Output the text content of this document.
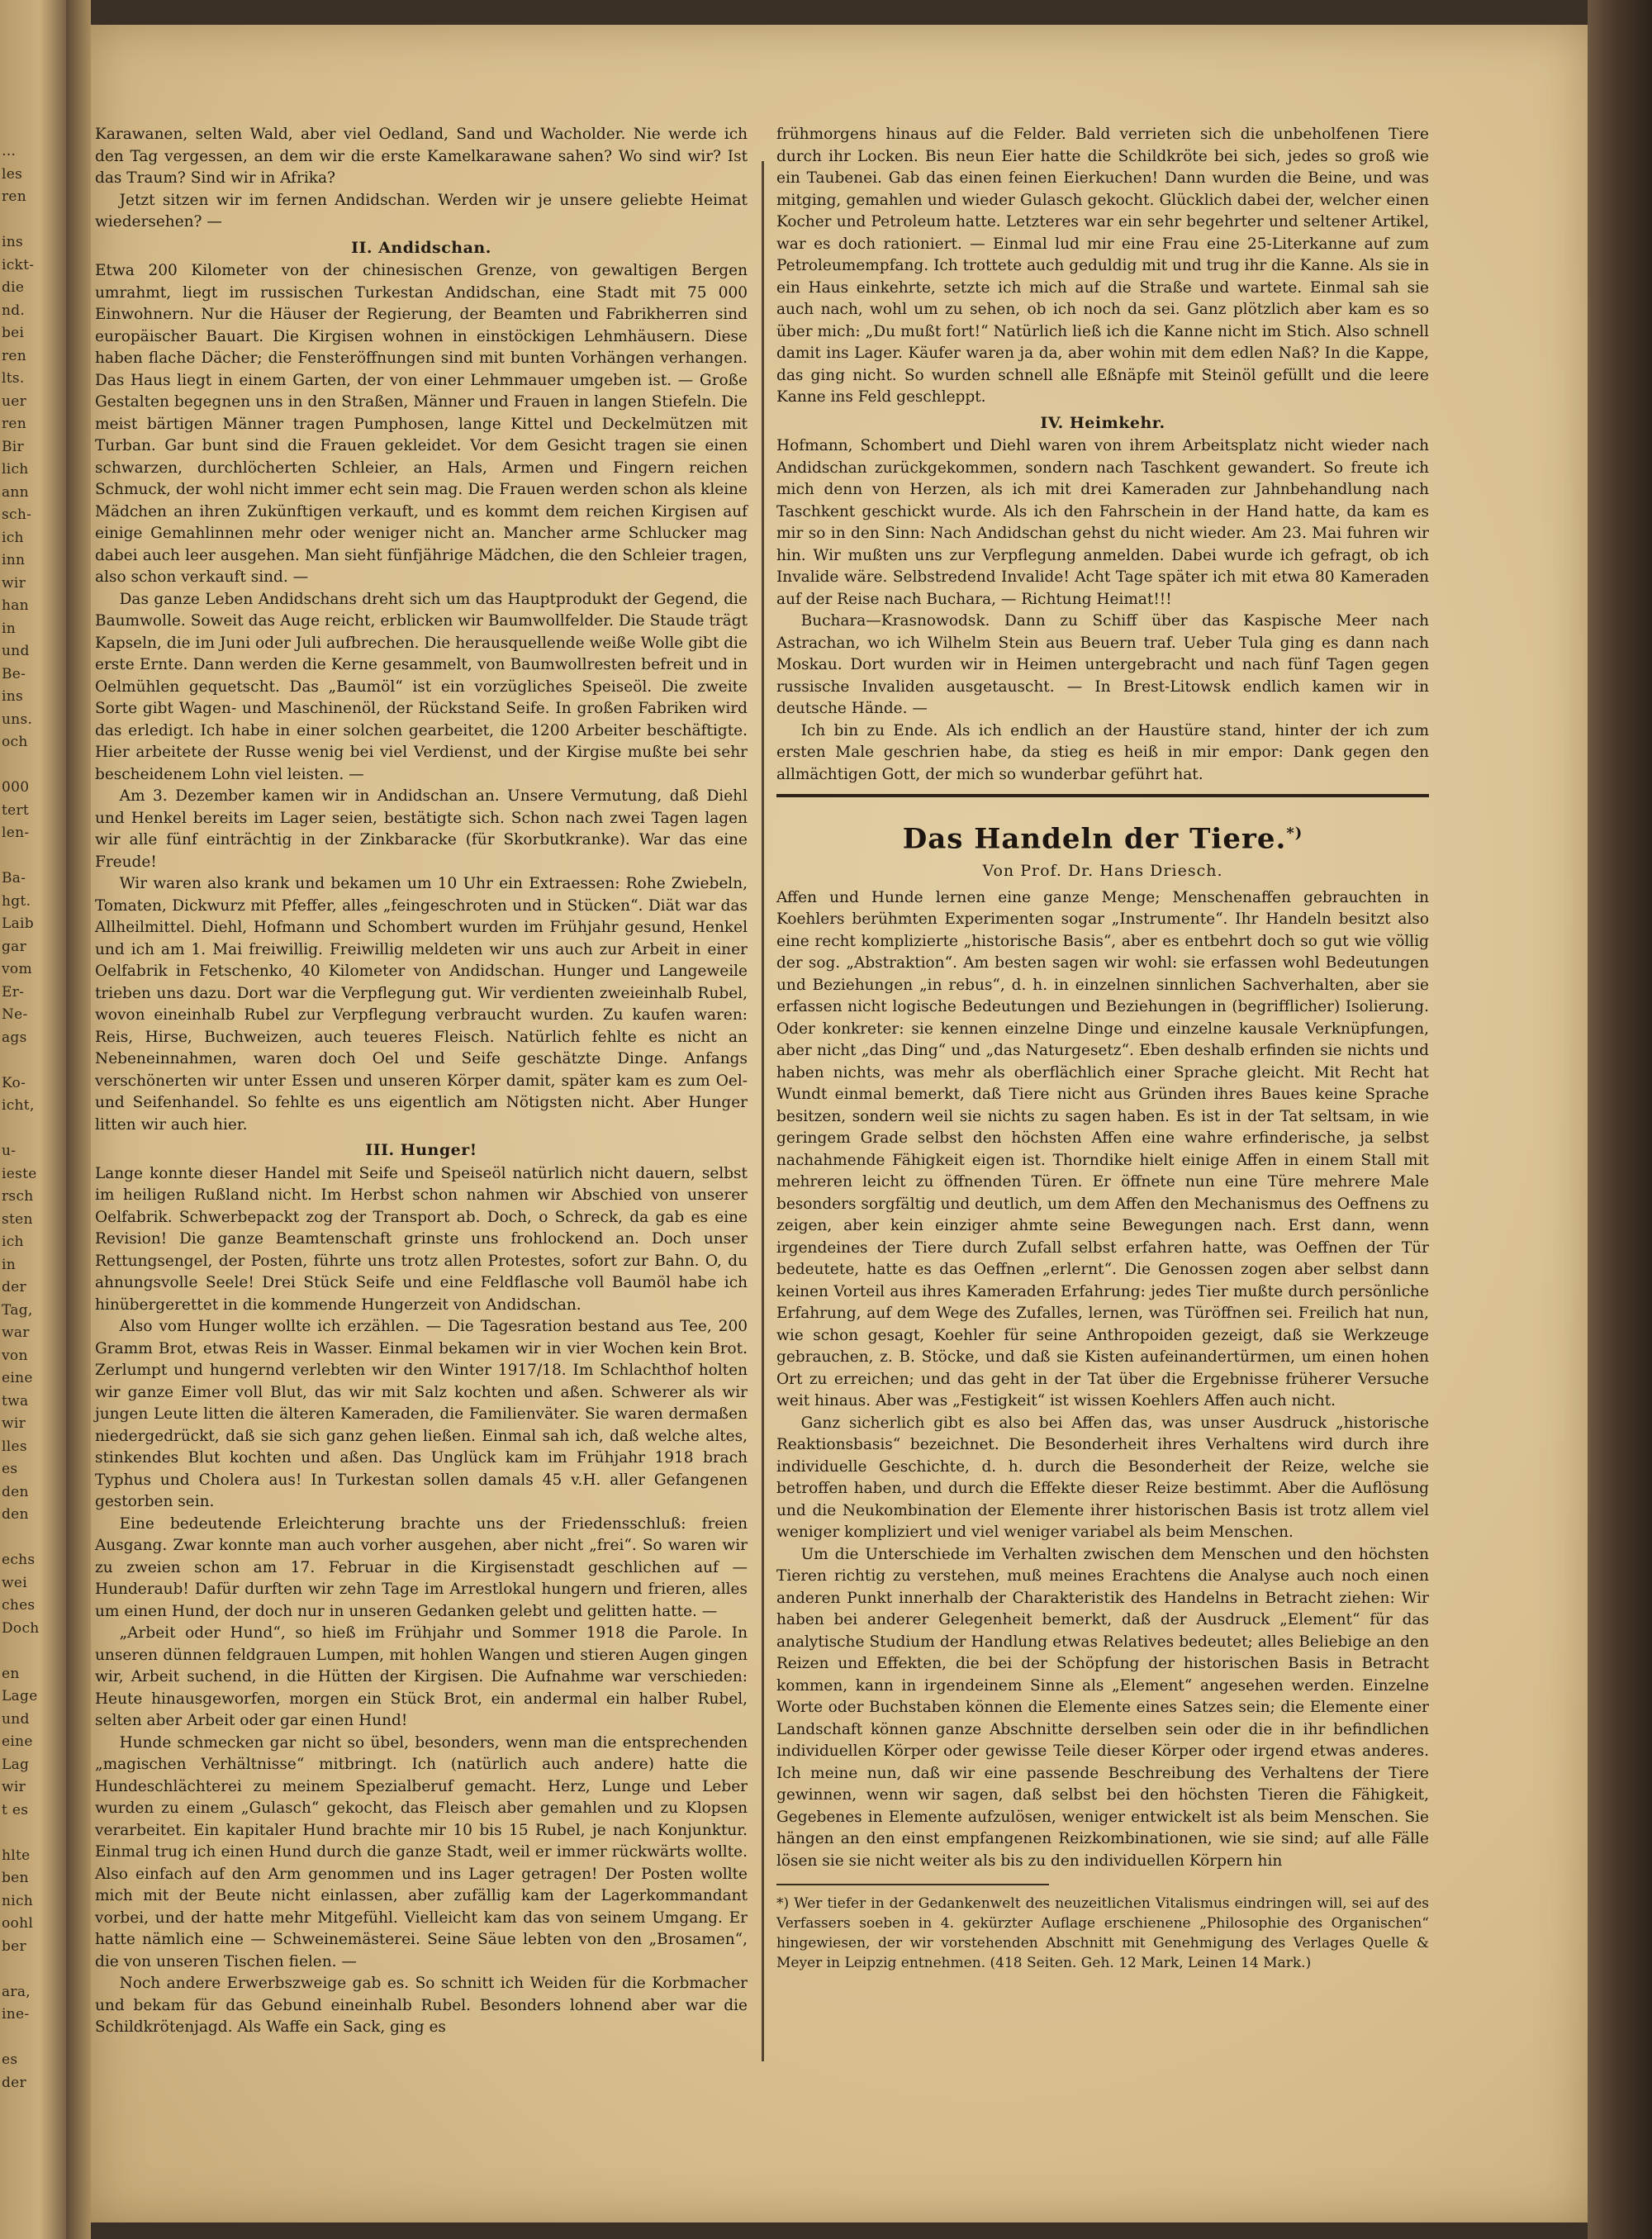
…
les
ren
ins
ickt-
die
nd.
bei
ren
lts.
uer
ren
Bir
lich
ann
sch-
ich
inn
wir
han
in
und
Be-
ins
uns.
och
000
tert
len-
Ba-
hgt.
Laib
gar
vom
Er-
Ne-
ags
Ko-
icht,
u-
ieste
rsch
sten
ich
in
der
Tag,
war
von
eine
twa
wir
lles
es
den
den
echs
wei
ches
Doch
en
Lage
und
eine
Lag
wir
t es
hlte
ben
nich
oohl
ber
ara,
ine-
es
der

Karawanen, selten Wald, aber viel Oedland, Sand und Wacholder. Nie werde ich den Tag vergessen, an dem wir die erste Kamelkarawane sahen? Wo sind wir? Ist das Traum? Sind wir in Afrika?

Jetzt sitzen wir im fernen Andidschan. Werden wir je unsere geliebte Heimat wiedersehen? —

II. Andidschan.

Etwa 200 Kilometer von der chinesischen Grenze, von gewaltigen Bergen umrahmt, liegt im russischen Turkestan Andidschan, eine Stadt mit 75 000 Einwohnern. Nur die Häuser der Regierung, der Beamten und Fabrikherren sind europäischer Bauart. Die Kirgisen wohnen in einstöckigen Lehmhäusern. Diese haben flache Dächer; die Fensteröffnungen sind mit bunten Vorhängen verhangen. Das Haus liegt in einem Garten, der von einer Lehmmauer umgeben ist. — Große Gestalten begegnen uns in den Straßen, Männer und Frauen in langen Stiefeln. Die meist bärtigen Männer tragen Pumphosen, lange Kittel und Deckelmützen mit Turban. Gar bunt sind die Frauen gekleidet. Vor dem Gesicht tragen sie einen schwarzen, durchlöcherten Schleier, an Hals, Armen und Fingern reichen Schmuck, der wohl nicht immer echt sein mag. Die Frauen werden schon als kleine Mädchen an ihren Zukünftigen verkauft, und es kommt dem reichen Kirgisen auf einige Gemahlinnen mehr oder weniger nicht an. Mancher arme Schlucker mag dabei auch leer ausgehen. Man sieht fünfjährige Mädchen, die den Schleier tragen, also schon verkauft sind. —

Das ganze Leben Andidschans dreht sich um das Hauptprodukt der Gegend, die Baumwolle. Soweit das Auge reicht, erblicken wir Baumwollfelder. Die Staude trägt Kapseln, die im Juni oder Juli aufbrechen. Die herausquellende weiße Wolle gibt die erste Ernte. Dann werden die Kerne gesammelt, von Baumwollresten befreit und in Oelmühlen gequetscht. Das „Baumöl“ ist ein vorzügliches Speiseöl. Die zweite Sorte gibt Wagen- und Maschinenöl, der Rückstand Seife. In großen Fabriken wird das erledigt. Ich habe in einer solchen gearbeitet, die 1200 Arbeiter beschäftigte. Hier arbeitete der Russe wenig bei viel Verdienst, und der Kirgise mußte bei sehr bescheidenem Lohn viel leisten. —

Am 3. Dezember kamen wir in Andidschan an. Unsere Vermutung, daß Diehl und Henkel bereits im Lager seien, bestätigte sich. Schon nach zwei Tagen lagen wir alle fünf einträchtig in der Zinkbaracke (für Skorbutkranke). War das eine Freude!

Wir waren also krank und bekamen um 10 Uhr ein Extraessen: Rohe Zwiebeln, Tomaten, Dickwurz mit Pfeffer, alles „feingeschroten und in Stücken“. Diät war das Allheilmittel. Diehl, Hofmann und Schombert wurden im Frühjahr gesund, Henkel und ich am 1. Mai freiwillig. Freiwillig meldeten wir uns auch zur Arbeit in einer Oelfabrik in Fetschenko, 40 Kilometer von Andidschan. Hunger und Langeweile trieben uns dazu. Dort war die Verpflegung gut. Wir verdienten zweieinhalb Rubel, wovon eineinhalb Rubel zur Verpflegung verbraucht wurden. Zu kaufen waren: Reis, Hirse, Buchweizen, auch teueres Fleisch. Natürlich fehlte es nicht an Nebeneinnahmen, waren doch Oel und Seife geschätzte Dinge. Anfangs verschönerten wir unter Essen und unseren Körper damit, später kam es zum Oel- und Seifenhandel. So fehlte es uns eigentlich am Nötigsten nicht. Aber Hunger litten wir auch hier.

III. Hunger!

Lange konnte dieser Handel mit Seife und Speiseöl natürlich nicht dauern, selbst im heiligen Rußland nicht. Im Herbst schon nahmen wir Abschied von unserer Oelfabrik. Schwerbepackt zog der Transport ab. Doch, o Schreck, da gab es eine Revision! Die ganze Beamtenschaft grinste uns frohlockend an. Doch unser Rettungsengel, der Posten, führte uns trotz allen Protestes, sofort zur Bahn. O, du ahnungsvolle Seele! Drei Stück Seife und eine Feldflasche voll Baumöl habe ich hinübergerettet in die kommende Hungerzeit von Andidschan.

Also vom Hunger wollte ich erzählen. — Die Tagesration bestand aus Tee, 200 Gramm Brot, etwas Reis in Wasser. Einmal bekamen wir in vier Wochen kein Brot. Zerlumpt und hungernd verlebten wir den Winter 1917/18. Im Schlachthof holten wir ganze Eimer voll Blut, das wir mit Salz kochten und aßen. Schwerer als wir jungen Leute litten die älteren Kameraden, die Familienväter. Sie waren dermaßen niedergedrückt, daß sie sich ganz gehen ließen. Einmal sah ich, daß welche altes, stinkendes Blut kochten und aßen. Das Unglück kam im Frühjahr 1918 brach Typhus und Cholera aus! In Turkestan sollen damals 45 v.H. aller Gefangenen gestorben sein.

Eine bedeutende Erleichterung brachte uns der Friedensschluß: freien Ausgang. Zwar konnte man auch vorher ausgehen, aber nicht „frei“. So waren wir zu zweien schon am 17. Februar in die Kirgisenstadt geschlichen auf — Hunderaub! Dafür durften wir zehn Tage im Arrestlokal hungern und frieren, alles um einen Hund, der doch nur in unseren Gedanken gelebt und gelitten hatte. —

„Arbeit oder Hund“, so hieß im Frühjahr und Sommer 1918 die Parole. In unseren dünnen feldgrauen Lumpen, mit hohlen Wangen und stieren Augen gingen wir, Arbeit suchend, in die Hütten der Kirgisen. Die Aufnahme war verschieden: Heute hinausgeworfen, morgen ein Stück Brot, ein andermal ein halber Rubel, selten aber Arbeit oder gar einen Hund!

Hunde schmecken gar nicht so übel, besonders, wenn man die entsprechenden „magischen Verhältnisse“ mitbringt. Ich (natürlich auch andere) hatte die Hundeschlächterei zu meinem Spezialberuf gemacht. Herz, Lunge und Leber wurden zu einem „Gulasch“ gekocht, das Fleisch aber gemahlen und zu Klopsen verarbeitet. Ein kapitaler Hund brachte mir 10 bis 15 Rubel, je nach Konjunktur. Einmal trug ich einen Hund durch die ganze Stadt, weil er immer rückwärts wollte. Also einfach auf den Arm genommen und ins Lager getragen! Der Posten wollte mich mit der Beute nicht einlassen, aber zufällig kam der Lagerkommandant vorbei, und der hatte mehr Mitgefühl. Vielleicht kam das von seinem Umgang. Er hatte nämlich eine — Schweinemästerei. Seine Säue lebten von den „Brosamen“, die von unseren Tischen fielen. —

Noch andere Erwerbszweige gab es. So schnitt ich Weiden für die Korbmacher und bekam für das Gebund eineinhalb Rubel. Besonders lohnend aber war die Schildkrötenjagd. Als Waffe ein Sack, ging es

frühmorgens hinaus auf die Felder. Bald verrieten sich die unbeholfenen Tiere durch ihr Locken. Bis neun Eier hatte die Schildkröte bei sich, jedes so groß wie ein Taubenei. Gab das einen feinen Eierkuchen! Dann wurden die Beine, und was mitging, gemahlen und wieder Gulasch gekocht. Glücklich dabei der, welcher einen Kocher und Petroleum hatte. Letzteres war ein sehr begehrter und seltener Artikel, war es doch rationiert. — Einmal lud mir eine Frau eine 25-Literkanne auf zum Petroleumempfang. Ich trottete auch geduldig mit und trug ihr die Kanne. Als sie in ein Haus einkehrte, setzte ich mich auf die Straße und wartete. Einmal sah sie auch nach, wohl um zu sehen, ob ich noch da sei. Ganz plötzlich aber kam es so über mich: „Du mußt fort!“ Natürlich ließ ich die Kanne nicht im Stich. Also schnell damit ins Lager. Käufer waren ja da, aber wohin mit dem edlen Naß? In die Kappe, das ging nicht. So wurden schnell alle Eßnäpfe mit Steinöl gefüllt und die leere Kanne ins Feld geschleppt.

IV. Heimkehr.

Hofmann, Schombert und Diehl waren von ihrem Arbeitsplatz nicht wieder nach Andidschan zurückgekommen, sondern nach Taschkent gewandert. So freute ich mich denn von Herzen, als ich mit drei Kameraden zur Jahnbehandlung nach Taschkent geschickt wurde. Als ich den Fahrschein in der Hand hatte, da kam es mir so in den Sinn: Nach Andidschan gehst du nicht wieder. Am 23. Mai fuhren wir hin. Wir mußten uns zur Verpflegung anmelden. Dabei wurde ich gefragt, ob ich Invalide wäre. Selbstredend Invalide! Acht Tage später ich mit etwa 80 Kameraden auf der Reise nach Buchara, — Richtung Heimat!!!

Buchara—Krasnowodsk. Dann zu Schiff über das Kaspische Meer nach Astrachan, wo ich Wilhelm Stein aus Beuern traf. Ueber Tula ging es dann nach Moskau. Dort wurden wir in Heimen untergebracht und nach fünf Tagen gegen russische Invaliden ausgetauscht. — In Brest-Litowsk endlich kamen wir in deutsche Hände. —

Ich bin zu Ende. Als ich endlich an der Haustüre stand, hinter der ich zum ersten Male geschrien habe, da stieg es heiß in mir empor: Dank gegen den allmächtigen Gott, der mich so wunderbar geführt hat.

Das Handeln der Tiere.*)
Von Prof. Dr. Hans Driesch.

Affen und Hunde lernen eine ganze Menge; Menschenaffen gebrauchten in Koehlers berühmten Experimenten sogar „Instrumente“. Ihr Handeln besitzt also eine recht komplizierte „historische Basis“, aber es entbehrt doch so gut wie völlig der sog. „Abstraktion“. Am besten sagen wir wohl: sie erfassen wohl Bedeutungen und Beziehungen „in rebus“, d. h. in einzelnen sinnlichen Sachverhalten, aber sie erfassen nicht logische Bedeutungen und Beziehungen in (begrifflicher) Isolierung. Oder konkreter: sie kennen einzelne Dinge und einzelne kausale Verknüpfungen, aber nicht „das Ding“ und „das Naturgesetz“. Eben deshalb erfinden sie nichts und haben nichts, was mehr als oberflächlich einer Sprache gleicht. Mit Recht hat Wundt einmal bemerkt, daß Tiere nicht aus Gründen ihres Baues keine Sprache besitzen, sondern weil sie nichts zu sagen haben. Es ist in der Tat seltsam, in wie geringem Grade selbst den höchsten Affen eine wahre erfinderische, ja selbst nachahmende Fähigkeit eigen ist. Thorndike hielt einige Affen in einem Stall mit mehreren leicht zu öffnenden Türen. Er öffnete nun eine Türe mehrere Male besonders sorgfältig und deutlich, um dem Affen den Mechanismus des Oeffnens zu zeigen, aber kein einziger ahmte seine Bewegungen nach. Erst dann, wenn irgendeines der Tiere durch Zufall selbst erfahren hatte, was Oeffnen der Tür bedeutete, hatte es das Oeffnen „erlernt“. Die Genossen zogen aber selbst dann keinen Vorteil aus ihres Kameraden Erfahrung: jedes Tier mußte durch persönliche Erfahrung, auf dem Wege des Zufalles, lernen, was Türöffnen sei. Freilich hat nun, wie schon gesagt, Koehler für seine Anthropoiden gezeigt, daß sie Werkzeuge gebrauchen, z. B. Stöcke, und daß sie Kisten aufeinandertürmen, um einen hohen Ort zu erreichen; und das geht in der Tat über die Ergebnisse früherer Versuche weit hinaus. Aber was „Festigkeit“ ist wissen Koehlers Affen auch nicht.

Ganz sicherlich gibt es also bei Affen das, was unser Ausdruck „historische Reaktionsbasis“ bezeichnet. Die Besonderheit ihres Verhaltens wird durch ihre individuelle Geschichte, d. h. durch die Besonderheit der Reize, welche sie betroffen haben, und durch die Effekte dieser Reize bestimmt. Aber die Auflösung und die Neukombination der Elemente ihrer historischen Basis ist trotz allem viel weniger kompliziert und viel weniger variabel als beim Menschen.

Um die Unterschiede im Verhalten zwischen dem Menschen und den höchsten Tieren richtig zu verstehen, muß meines Erachtens die Analyse auch noch einen anderen Punkt innerhalb der Charakteristik des Handelns in Betracht ziehen: Wir haben bei anderer Gelegenheit bemerkt, daß der Ausdruck „Element“ für das analytische Studium der Handlung etwas Relatives bedeutet; alles Beliebige an den Reizen und Effekten, die bei der Schöpfung der historischen Basis in Betracht kommen, kann in irgendeinem Sinne als „Element“ angesehen werden. Einzelne Worte oder Buchstaben können die Elemente eines Satzes sein; die Elemente einer Landschaft können ganze Abschnitte derselben sein oder die in ihr befindlichen individuellen Körper oder gewisse Teile dieser Körper oder irgend etwas anderes. Ich meine nun, daß wir eine passende Beschreibung des Verhaltens der Tiere gewinnen, wenn wir sagen, daß selbst bei den höchsten Tieren die Fähigkeit, Gegebenes in Elemente aufzulösen, weniger entwickelt ist als beim Menschen. Sie hängen an den einst empfangenen Reizkombinationen, wie sie sind; auf alle Fälle lösen sie sie nicht weiter als bis zu den individuellen Körpern hin

*) Wer tiefer in der Gedankenwelt des neuzeitlichen Vitalismus eindringen will, sei auf des Verfassers soeben in 4. gekürzter Auflage erschienene „Philosophie des Organischen“ hingewiesen, der wir vorstehenden Abschnitt mit Genehmigung des Verlages Quelle & Meyer in Leipzig entnehmen. (418 Seiten. Geh. 12 Mark, Leinen 14 Mark.)
